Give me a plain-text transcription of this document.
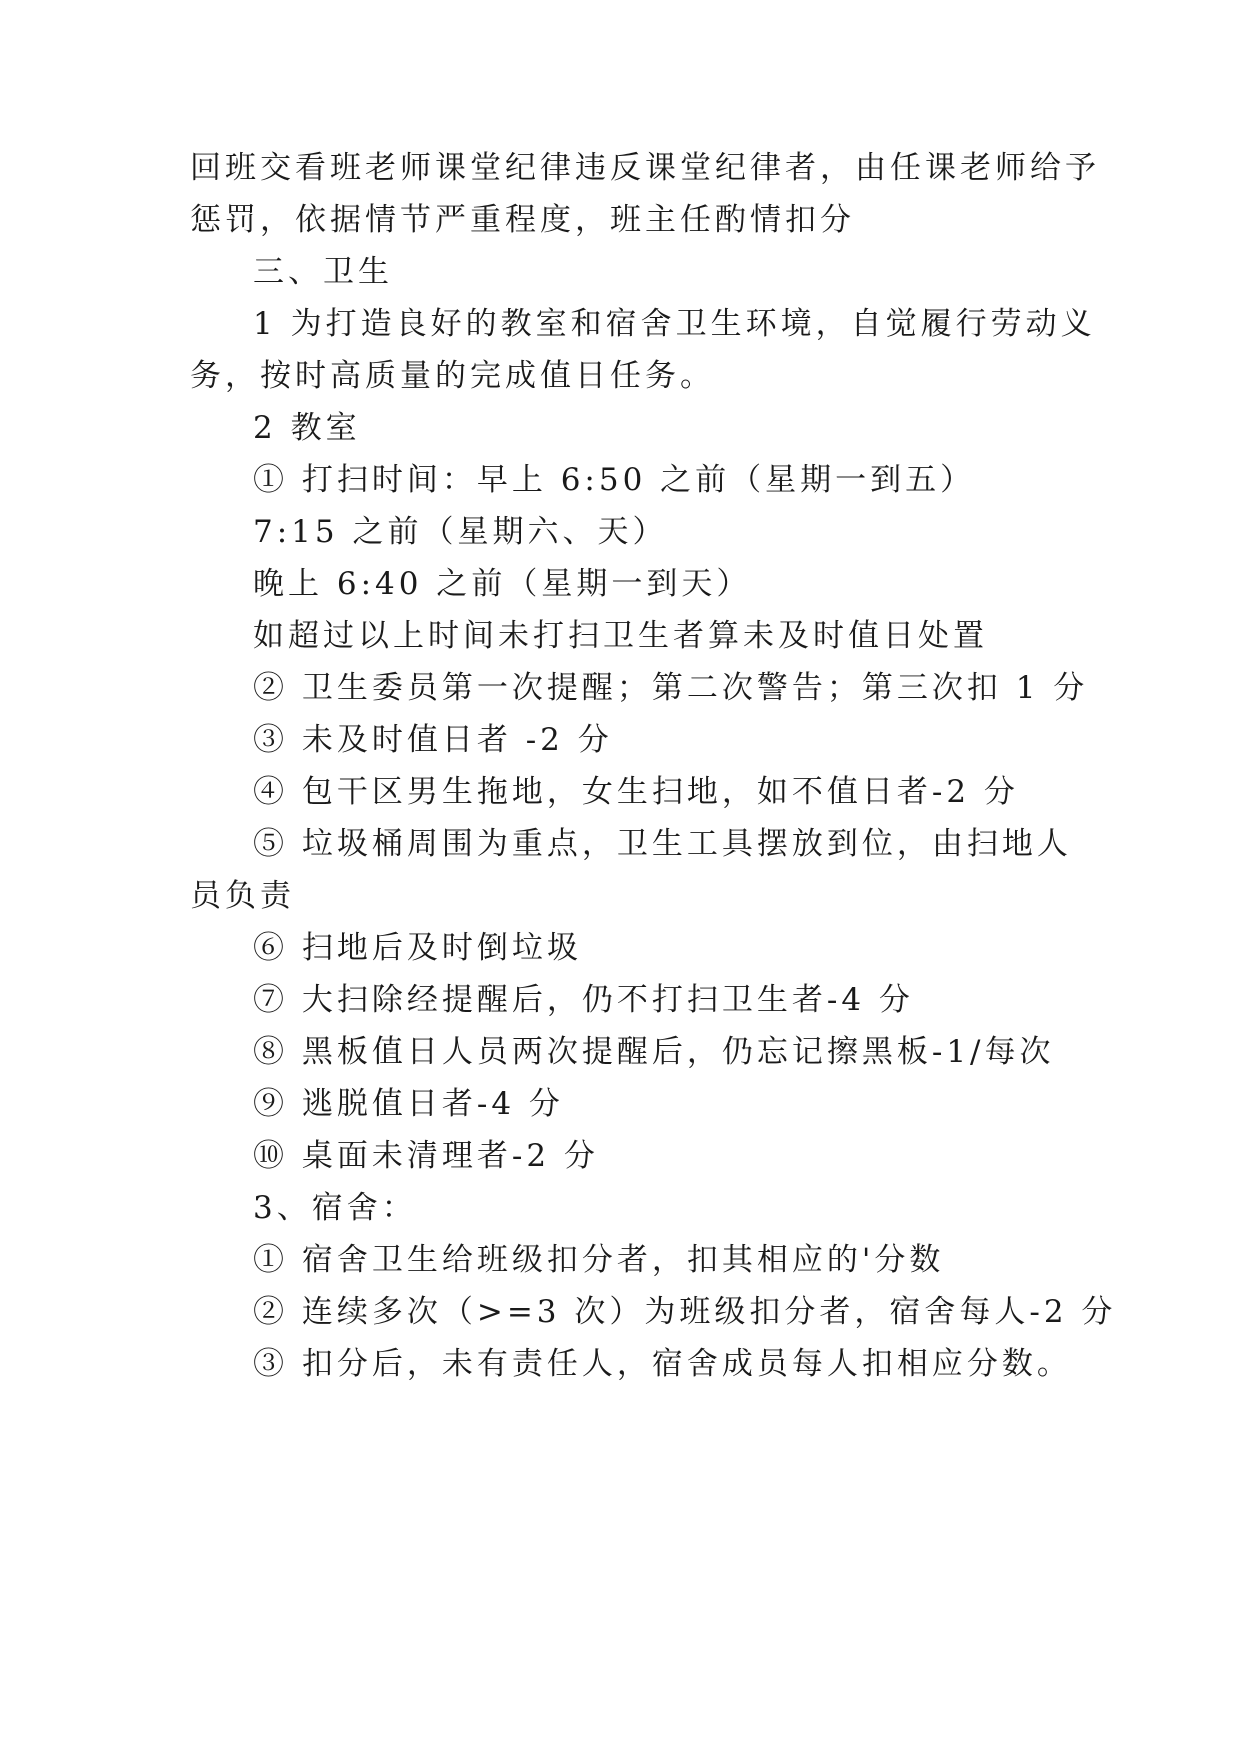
回班交看班老师课堂纪律违反课堂纪律者，由任课老师给予
惩罚，依据情节严重程度，班主任酌情扣分
三、卫生
1 为打造良好的教室和宿舍卫生环境，自觉履行劳动义
务，按时高质量的完成值日任务。
2 教室
① 打扫时间：早上 6:50 之前（星期一到五）
7:15 之前（星期六、天）
晚上 6:40 之前（星期一到天）
如超过以上时间未打扫卫生者算未及时值日处置
② 卫生委员第一次提醒；第二次警告；第三次扣 1 分
③ 未及时值日者 -2 分
④ 包干区男生拖地，女生扫地，如不值日者-2 分
⑤ 垃圾桶周围为重点，卫生工具摆放到位，由扫地人
员负责
⑥ 扫地后及时倒垃圾
⑦ 大扫除经提醒后，仍不打扫卫生者-4 分
⑧ 黑板值日人员两次提醒后，仍忘记擦黑板-1/每次
⑨ 逃脱值日者-4 分
⑩ 桌面未清理者-2 分
3、宿舍：
① 宿舍卫生给班级扣分者，扣其相应的'分数
② 连续多次（>=3 次）为班级扣分者，宿舍每人-2 分
③ 扣分后，未有责任人，宿舍成员每人扣相应分数。
